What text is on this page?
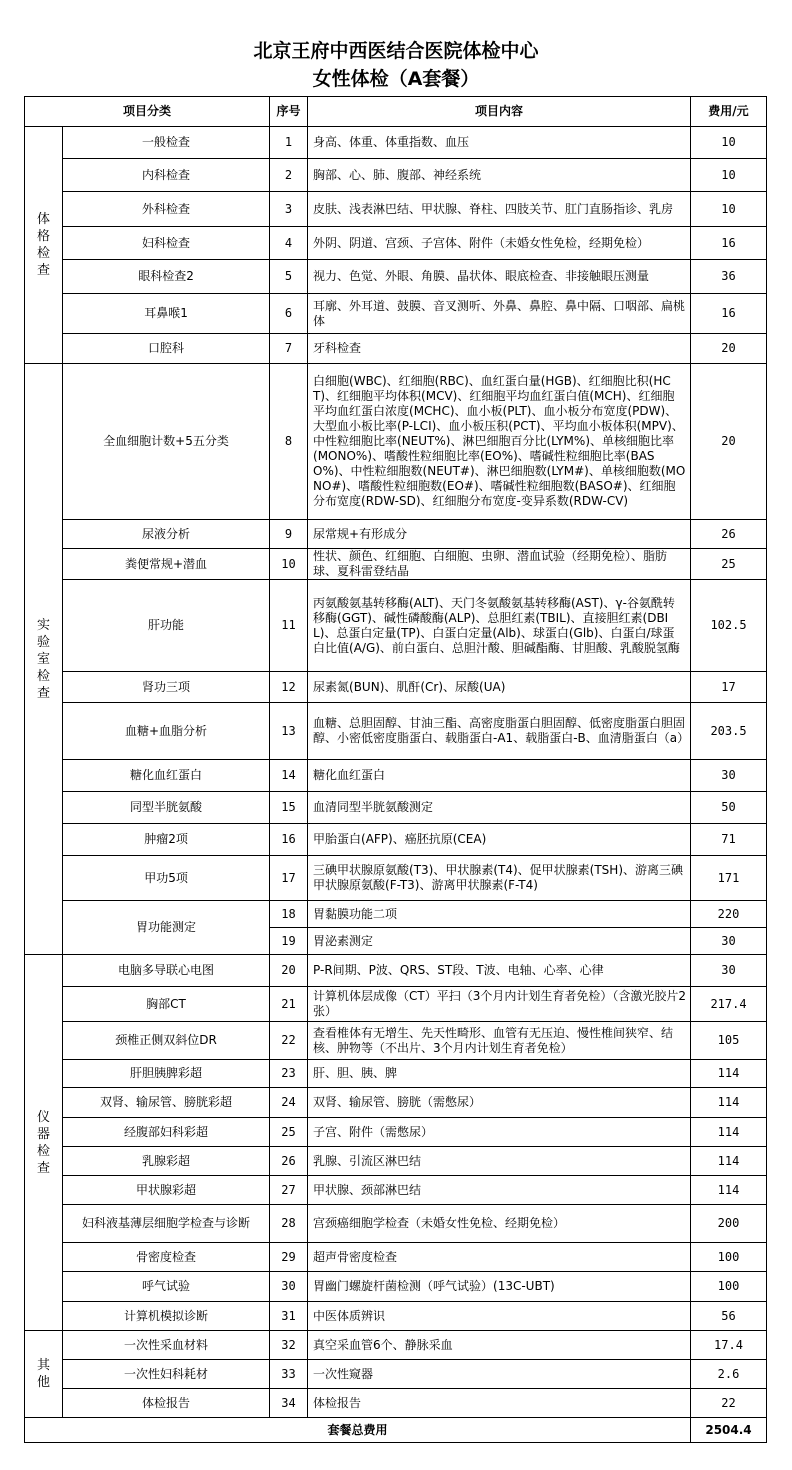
北京王府中西医结合医院体检中心
女性体检（A套餐）
项目分类		序号	项目内容	费用/元
体格检查	一般检查	1	身高、体重、体重指数、血压	10
	内科检查	2	胸部、心、肺、腹部、神经系统	10
	外科检查	3	皮肤、浅表淋巴结、甲状腺、脊柱、四肢关节、肛门直肠指诊、乳房	10
	妇科检查	4	外阴、阴道、宫颈、子宫体、附件（未婚女性免检，经期免检）	16
	眼科检查2	5	视力、色觉、外眼、角膜、晶状体、眼底检查、非接触眼压测量	36
	耳鼻喉1	6	耳廓、外耳道、鼓膜、音叉测听、外鼻、鼻腔、鼻中隔、口咽部、扁桃体	16
	口腔科	7	牙科检查	20
实验室检查	全血细胞计数+5五分类	8	白细胞(WBC)、红细胞(RBC)、血红蛋白量(HGB)、红细胞比积(HCT)、红细胞平均体积(MCV)、红细胞平均血红蛋白值(MCH)、红细胞平均血红蛋白浓度(MCHC)、血小板(PLT)、血小板分布宽度(PDW)、大型血小板比率(P-LCI)、血小板压积(PCT)、平均血小板体积(MPV)、中性粒细胞比率(NEUT%)、淋巴细胞百分比(LYM%)、单核细胞比率(MONO%)、嗜酸性粒细胞比率(EO%)、嗜碱性粒细胞比率(BASO%)、中性粒细胞数(NEUT#)、淋巴细胞数(LYM#)、单核细胞数(MONO#)、嗜酸性粒细胞数(EO#)、嗜碱性粒细胞数(BASO#)、红细胞分布宽度(RDW-SD)、红细胞分布宽度-变异系数(RDW-CV)	20
	尿液分析	9	尿常规+有形成分	26
	粪便常规+潜血	10	性状、颜色、红细胞、白细胞、虫卵、潜血试验（经期免检）、脂肪球、夏科雷登结晶	25
	肝功能	11	丙氨酸氨基转移酶(ALT)、天门冬氨酸氨基转移酶(AST)、γ-谷氨酰转移酶(GGT)、碱性磷酸酶(ALP)、总胆红素(TBIL)、直接胆红素(DBIL)、总蛋白定量(TP)、白蛋白定量(Alb)、球蛋白(Glb)、白蛋白/球蛋白比值(A/G)、前白蛋白、总胆汁酸、胆碱酯酶、甘胆酸、乳酸脱氢酶	102.5
	肾功三项	12	尿素氮(BUN)、肌酐(Cr)、尿酸(UA)	17
	血糖+血脂分析	13	血糖、总胆固醇、甘油三酯、高密度脂蛋白胆固醇、低密度脂蛋白胆固醇、小密低密度脂蛋白、载脂蛋白-A1、载脂蛋白-B、血清脂蛋白（a）	203.5
	糖化血红蛋白	14	糖化血红蛋白	30
	同型半胱氨酸	15	血清同型半胱氨酸测定	50
	肿瘤2项	16	甲胎蛋白(AFP)、癌胚抗原(CEA)	71
	甲功5项	17	三碘甲状腺原氨酸(T3)、甲状腺素(T4)、促甲状腺素(TSH)、游离三碘甲状腺原氨酸(F-T3)、游离甲状腺素(F-T4)	171
	胃功能测定	18	胃黏膜功能二项	220
		19	胃泌素测定	30
仪器检查	电脑多导联心电图	20	P-R间期、P波、QRS、ST段、T波、电轴、心率、心律	30
	胸部CT	21	计算机体层成像（CT）平扫（3个月内计划生育者免检）（含激光胶片2张）	217.4
	颈椎正侧双斜位DR	22	查看椎体有无增生、先天性畸形、血管有无压迫、慢性椎间狭窄、结核、肿物等（不出片、3个月内计划生育者免检）	105
	肝胆胰脾彩超	23	肝、胆、胰、脾	114
	双肾、输尿管、膀胱彩超	24	双肾、输尿管、膀胱（需憋尿）	114
	经腹部妇科彩超	25	子宫、附件（需憋尿）	114
	乳腺彩超	26	乳腺、引流区淋巴结	114
	甲状腺彩超	27	甲状腺、颈部淋巴结	114
	妇科液基薄层细胞学检查与诊断	28	宫颈癌细胞学检查（未婚女性免检、经期免检）	200
	骨密度检查	29	超声骨密度检查	100
	呼气试验	30	胃幽门螺旋杆菌检测（呼气试验）(13C-UBT)	100
	计算机模拟诊断	31	中医体质辨识	56
其他	一次性采血材料	32	真空采血管6个、静脉采血	17.4
	一次性妇科耗材	33	一次性窥器	2.6
	体检报告	34	体检报告	22
套餐总费用				2504.4
